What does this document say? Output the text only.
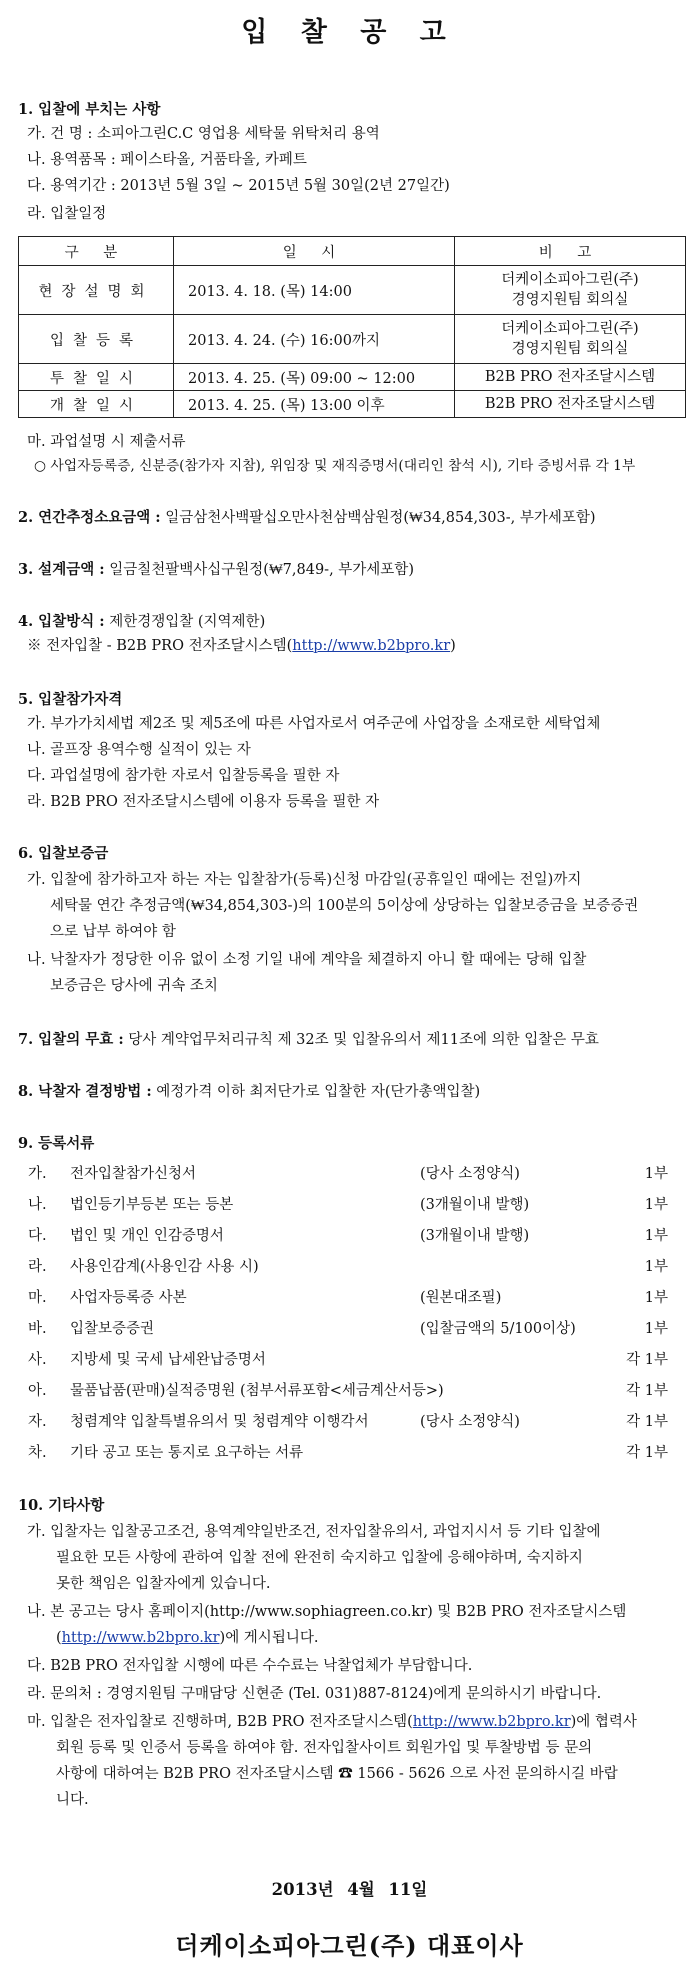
입 찰 공 고
1. 입찰에 부치는 사항
가. 건 명 : 소피아그린C.C 영업용 세탁물 위탁처리 용역
나. 용역품목 : 페이스타올, 거품타올, 카페트
다. 용역기간 : 2013년 5월 3일 ~ 2015년 5월 30일(2년 27일간)
라. 입찰일정
구 분	일 시	비 고
현장설명회	2013. 4. 18. (목) 14:00	더케이소피아그린(주)
경영지원팀 회의실
입찰등록	2013. 4. 24. (수) 16:00까지	더케이소피아그린(주)
경영지원팀 회의실
투찰일시	2013. 4. 25. (목) 09:00 ~ 12:00	B2B PRO 전자조달시스템
개찰일시	2013. 4. 25. (목) 13:00 이후	B2B PRO 전자조달시스템
마. 과업설명 시 제출서류
○ 사업자등록증, 신분증(참가자 지참), 위임장 및 재직증명서(대리인 참석 시), 기타 증빙서류 각 1부
2. 연간추정소요금액 : 일금삼천사백팔십오만사천삼백삼원정(₩34,854,303-, 부가세포함)
3. 설계금액 : 일금칠천팔백사십구원정(₩7,849-, 부가세포함)
4. 입찰방식 : 제한경쟁입찰 (지역제한)
※ 전자입찰 - B2B PRO 전자조달시스템(http://www.b2bpro.kr)
5. 입찰참가자격
가. 부가가치세법 제2조 및 제5조에 따른 사업자로서 여주군에 사업장을 소재로한 세탁업체
나. 골프장 용역수행 실적이 있는 자
다. 과업설명에 참가한 자로서 입찰등록을 필한 자
라. B2B PRO 전자조달시스템에 이용자 등록을 필한 자
6. 입찰보증금
가. 입찰에 참가하고자 하는 자는 입찰참가(등록)신청 마감일(공휴일인 때에는 전일)까지
세탁물 연간 추정금액(₩34,854,303-)의 100분의 5이상에 상당하는 입찰보증금을 보증증권
으로 납부 하여야 함
나. 낙찰자가 정당한 이유 없이 소정 기일 내에 계약을 체결하지 아니 할 때에는 당해 입찰
보증금은 당사에 귀속 조치
7. 입찰의 무효 : 당사 계약업무처리규칙 제 32조 및 입찰유의서 제11조에 의한 입찰은 무효
8. 낙찰자 결정방법 : 예정가격 이하 최저단가로 입찰한 자(단가총액입찰)
9. 등록서류
가. 전자입찰참가신청서	(당사 소정양식)	1부
나. 법인등기부등본 또는 등본	(3개월이내 발행)	1부
다. 법인 및 개인 인감증명서	(3개월이내 발행)	1부
라. 사용인감계(사용인감 사용 시)	1부
마. 사업자등록증 사본	(원본대조필)	1부
바. 입찰보증증권	(입찰금액의 5/100이상)	1부
사. 지방세 및 국세 납세완납증명서	각 1부
아. 물품납품(판매)실적증명원 (첨부서류포함<세금계산서등>)	각 1부
자. 청렴계약 입찰특별유의서 및 청렴계약 이행각서	(당사 소정양식)	각 1부
차. 기타 공고 또는 통지로 요구하는 서류	각 1부
10. 기타사항
가. 입찰자는 입찰공고조건, 용역계약일반조건, 전자입찰유의서, 과업지시서 등 기타 입찰에
필요한 모든 사항에 관하여 입찰 전에 완전히 숙지하고 입찰에 응해야하며, 숙지하지
못한 책임은 입찰자에게 있습니다.
나. 본 공고는 당사 홈페이지(http://www.sophiagreen.co.kr) 및 B2B PRO 전자조달시스템
(http://www.b2bpro.kr)에 게시됩니다.
다. B2B PRO 전자입찰 시행에 따른 수수료는 낙찰업체가 부담합니다.
라. 문의처 : 경영지원팀 구매담당 신현준 (Tel. 031)887-8124)에게 문의하시기 바랍니다.
마. 입찰은 전자입찰로 진행하며, B2B PRO 전자조달시스템(http://www.b2bpro.kr)에 협력사
회원 등록 및 인증서 등록을 하여야 함. 전자입찰사이트 회원가입 및 투찰방법 등 문의
사항에 대하여는 B2B PRO 전자조달시스템 ☎ 1566 - 5626 으로 사전 문의하시길 바랍
니다.
2013년 4월 11일
더케이소피아그린(주) 대표이사
